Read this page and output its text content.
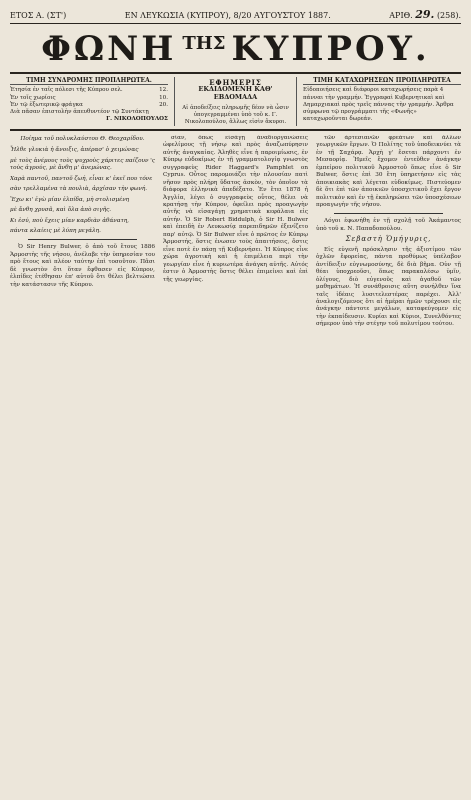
ΕΤΟΣ Α. (ΣΤ')	ΕΝ ΛΕΥΚΩΣΙΑ (ΚΥΠΡΟΥ), 8/20 ΑΥΓΟΥΣΤΟΥ 1887.	ΑΡΙΘ. 29. (258).
ΦΩΝΗ ΤΗΣ ΚΥΠΡΟΥ.
ΤΙΜΗ ΣΥΝΔΡΟΜΗΣ ΠΡΟΠΛΗΡΩΤΕΑ.
Ἐτησία ἐν ταῖς πόλεσι τῆς Κύπρου σελ.	12.
Ἐν τοῖς χωρίοις	10.
Ἐν τῷ ἐξωτερικῷ φράγκα	20.
Διὰ πᾶσαν ἐπιστολὴν ἀπευθυντέον τῷ Συντάκτῃ
Γ. ΝΙΚΟΛΟΠΟΥΛΟΣ
ΕΦΗΜΕΡΙΣ
ΕΚΔΙΔΟΜΕΝΗ ΚΑΘ' ΕΒΔΟΜΑΔΑ
Αἱ ἀποδείξεις πληρωμῆς δέον νὰ ὦσιν ὑπογεγραμμέναι ὑπὸ τοῦ κ. Γ. Νικολοπούλου, ἄλλως εἰσὶν ἄκυροι.
ΤΙΜΗ ΚΑΤΑΧΩΡΗΣΕΩΝ ΠΡΟΠΛΗΡΩΤΕΑ
Εἰδοποιήσεις καὶ διάφοροι καταχωρήσεις παρὰ 4 πάνναι τὴν γραμμήν. Ἐγγραφαὶ Κυβερνητικαὶ καὶ Δημαρχιακαὶ πρὸς τρεῖς πάννας τὴν γραμμήν. Ἀρθρα σύμφωνα τῷ προγράμματι τῆς «Φωνῆς» καταχωροῦνται δωρεάν.
Ποίημα τοῦ πολυκλαύστου Θ. Θεοχαρίδου.

Ἦλθε γλυκιὰ ἡ ἄνοιξις, ἀπέρασ' ὁ χειμώνας

μὲ τοὺς ἀνέμους τοὺς ψυχροὺς χάριτες παίζουν 'ς τοὺς ἀγρούς, μὲ ἄνθη μ' ἀνεμώνας.

Χαρὰ παντοῦ, παντοῦ ζωή, εἶναι κ' ἐκεῖ που τόνε

σὰν τρελλαμένα τὰ πουλιὰ, ἀρχίσαν τὴν φωνή.

Ἔχω κι' ἐγὼ μίαν ἐλπίδα, μὴ στολισμένη

μὲ ἄνθη χρυσᾶ, καὶ ὅλα ἀπὸ σιγῆς.

Κι ἐσύ, ποὺ ἔχεις μίαν καρδιὰν ἀθάνατη,

πάντα κλαίεις μὲ λύπη μεγάλη.

Ὁ Sir Henry Bulwer, ὁ ἀπὸ τοῦ ἔτους 1886 Ἁρμοστὴς τῆς νήσου, ἀνέλαβε τὴν ὑπηρεσίαν του πρὸ ἔτους καὶ πλέον ταύτην ἐπὶ τοσοῦτον. Πᾶσι δὲ γνωστὸν ὅτι ὅταν ἔφθασεν εἰς Κύπρον, ἐλπίδες ἐτέθησαν ἐπ' αὐτοῦ ὅτι θέλει βελτιώσει τὴν κατάστασιν τῆς Κύπρου.

σίαν, ὅπως εἰσάγῃ ἀναδιοργανώσεις ὠφελίμους τῇ νήσῳ καὶ πρὸς ἀναζωπύρησιν αὐτῆς ἀναγκαίας. Ἀληθὲς εἶνε ἡ παροιμίωσις, ἐν Κύπρῳ εὐδοκίμως ἐν τῇ γραμματολογίᾳ γνωστὸς συγγραφεὺς Rider Haggard's Pamphlet on Cyprus. Οὗτος παρομοιάζει τὴν πλουσίαν πατὶ νῆσον πρὸς πλήρη ὕδατος ἀσκὸν, τὸν ὁποῖον τὰ διάφορα ἐλληνικὰ ἀπεδέξατο. Ἐν ἔτει 1878 ἡ Ἀγγλία, λέγει ὁ συγγραφεὺς οὗτος, θέλει νὰ κρατήσῃ τὴν Κύπρον, ὀφείλει πρὸς προαγωγὴν αὐτῆς νὰ εἰσαγάγῃ χρηματικὰ κεφάλαια εἰς αὐτήν. Ὁ Sir Robert Biddulph, ὁ Sir H. Bulwer καὶ ἐπειδὴ ἐν Λευκωσίᾳ παρεπιδημῶν ἐξενίζετο παρ' αὐτῷ. Ὁ Sir Bulwer εἶνε ὁ πρῶτος ἐν Κύπρῳ Ἁρμοστής, ὅστις ἐνωσεν τοὺς ἀπαιτήσεις, ὅστις εἶνε ποτὲ ἐν πάσῃ τῇ Κυβερνήσει. Ἡ Κύπρος εἶνε χώρα ἀγροτικὴ καὶ ἡ ἐπιμέλεια περὶ τὴν γεωργίαν εἶνε ἡ κυριωτέρα ἀνάγκη αὐτῆς. Αὐτός ἐστιν ὁ Ἁρμοστὴς ὅστις θέλει ἐπιμείνει καὶ ἐπὶ τῆς γεωργίας.

τῶν ἀρτεσιανῶν φρεάτων καὶ ἄλλων γεωργικῶν ἔργων. Ὁ Πολίτης τοῦ ὑποδεικνύει τὰ ἐν τῇ Σαχάρᾳ. Ἀρχὴ γ' ἔσεται πάρχοντι ἐν Μεσαορίᾳ. Ἡμεῖς ἔχομεν ἐντεῦθεν ἀνάγκην ἐμπείρου πολιτικοῦ Ἁρμοστοῦ ὅπως εἶνε ὁ Sir Bulwer, ὅστις ἐπὶ 30 ἔτη ὑπηρετήσεν εἰς τὰς ἀποικιακὰς καὶ λέγεται εὐδοκίμως. Πιστεύομεν δὲ ὅτι ἐπὶ τῶν ἀποικιῶν ὑποσχετικοῦ ἔχει ἔργον πολιτικὸν καὶ ἐν τῇ ἐκπληρώσει τῶν ὑποσχέσεων προαγωγὴν τῆς νήσου.

Λόγοι ἐφωνήθη ἐν τῇ σχολῇ τοῦ Ἀκάμαντος ὑπὸ τοῦ κ. Ν. Παπαδοπούλου.

Σεβαστὴ Ὁμήγυρις,

Εἰς εὐγενῆ πρόσκλησιν τῆς ἀξιοτίμου τῶν ὀχλῶν ἔφορείας, πάντα προθύμως ὑπέλαβον ἀντίδειξιν εὐγνωμοσύνης, δὲ διὰ βῆμα. Οὐν τῇ θέαι ὑποχρεοῦσι, ὅπως παρακαλέσω ὑμῖν, ὀλίγους, διὸ εὐγενοῦς καὶ ἀγαθοῦ τῶν μαθημάτων. Ἡ συνάθροισις αὕτη συνήλθεν ἵνα ταῖς ἰδέαις λυσιτελεστέρας παρέχει. Ἀλλ' ἀναλογιζόμενος ὅτι αἱ ἡμέραι ἡμῶν τρέχουσι εἰς ἀνάγκην πάντοτε μεγάλων, καταφεύγομεν εἰς τὴν ἐκπαίδευσιν. Κυρίαι καὶ Κύριοι, Συνελθόντες σήμερον ὑπὸ τὴν στέγην τοῦ πολυτίμου τούτου.
